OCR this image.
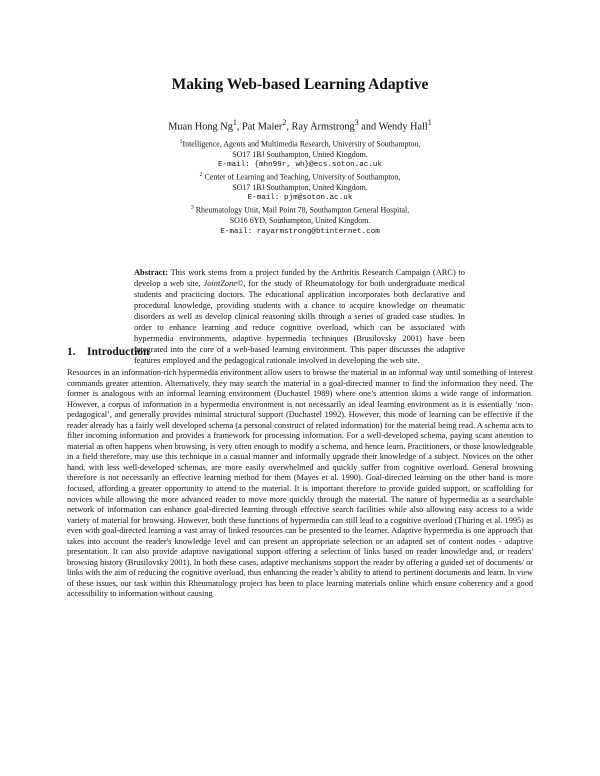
Making Web-based Learning Adaptive
Muan Hong Ng$^1$, Pat Maier$^2$, Ray Armstrong$^3$ and Wendy Hall$^1$
$^1$Intelligence, Agents and Multimedia Research, University of Southampton,
SO17 1BJ Southampton, United Kingdom.
E-mail: {mhn99r, wh}@ecs.soton.ac.uk
$^2$ Center of Learning and Teaching, University of Southampton,
SO17 1BJ Southampton, United Kingdom.
E-mail: pjm@soton.ac.uk
$^3$ Rheumatology Unit, Mail Point 78, Southampton General Hospital,
SO16 6YD, Southampton, United Kingdom.
E-mail: rayarmstrong@btinternet.com
Abstract: This work stems from a project funded by the Arthritis Research Campaign (ARC) to develop a web site, JointZone©, for the study of Rheumatology for both undergraduate medical students and practicing doctors. The educational application incorporates both declarative and procedural knowledge, providing students with a chance to acquire knowledge on rheumatic disorders as well as develop clinical reasoning skills through a series of graded case studies. In order to enhance learning and reduce cognitive overload, which can be associated with hypermedia environments, adaptive hypermedia techniques (Brusilovsky 2001) have been integrated into the core of a web-based learning environment. This paper discusses the adaptive features employed and the pedagogical rationale involved in developing the web site.
1. Introduction
Resources in an information-rich hypermedia environment allow users to browse the material in an informal way until something of interest commands greater attention. Alternatively, they may search the material in a goal-directed manner to find the information they need. The former is analogous with an informal learning environment (Duchastel 1989) where one’s attention skims a wide range of information. However, a corpus of information in a hypermedia environment is not necessarily an ideal learning environment as it is essentially ‘non-pedagogical’, and generally provides minimal structural support (Duchastel 1992). However, this mode of learning can be effective if the reader already has a fairly well developed schema (a personal construct of related information) for the material being read. A schema acts to filter incoming information and provides a framework for processing information. For a well-developed schema, paying scant attention to material as often happens when browsing, is very often enough to modify a schema, and hence learn. Practitioners, or those knowledgeable in a field therefore, may use this technique in a casual manner and informally upgrade their knowledge of a subject. Novices on the other hand, with less well-developed schemas, are more easily overwhelmed and quickly suffer from cognitive overload. General browsing therefore is not necessarily an effective learning method for them (Mayes et al. 1990). Goal-directed learning on the other hand is more focused, affording a greater opportunity to attend to the material. It is important therefore to provide guided support, or scaffolding for novices while allowing the more advanced reader to move more quickly through the material. The nature of hypermedia as a searchable network of information can enhance goal-directed learning through effective search facilities while also allowing easy access to a wide variety of material for browsing. However, both these functions of hypermedia can still lead to a cognitive overload (Thuring et al. 1995) as even with goal-directed learning a vast array of linked resources can be presented to the learner. Adaptive hypermedia is one approach that takes into account the reader's knowledge level and can present an appropriate selection or an adapted set of content nodes - adaptive presentation. It can also provide adaptive navigational support offering a selection of links based on reader knowledge and, or readers' browsing history (Brusilovsky 2001). In both these cases, adaptive mechanisms support the reader by offering a guided set of documents/ or links with the aim of reducing the cognitive overload, thus enhancing the reader’s ability to attend to pertinent documents and learn. In view of these issues, our task within this Rheumatology project has been to place learning materials online which ensure coherency and a good accessibility to information without causing
